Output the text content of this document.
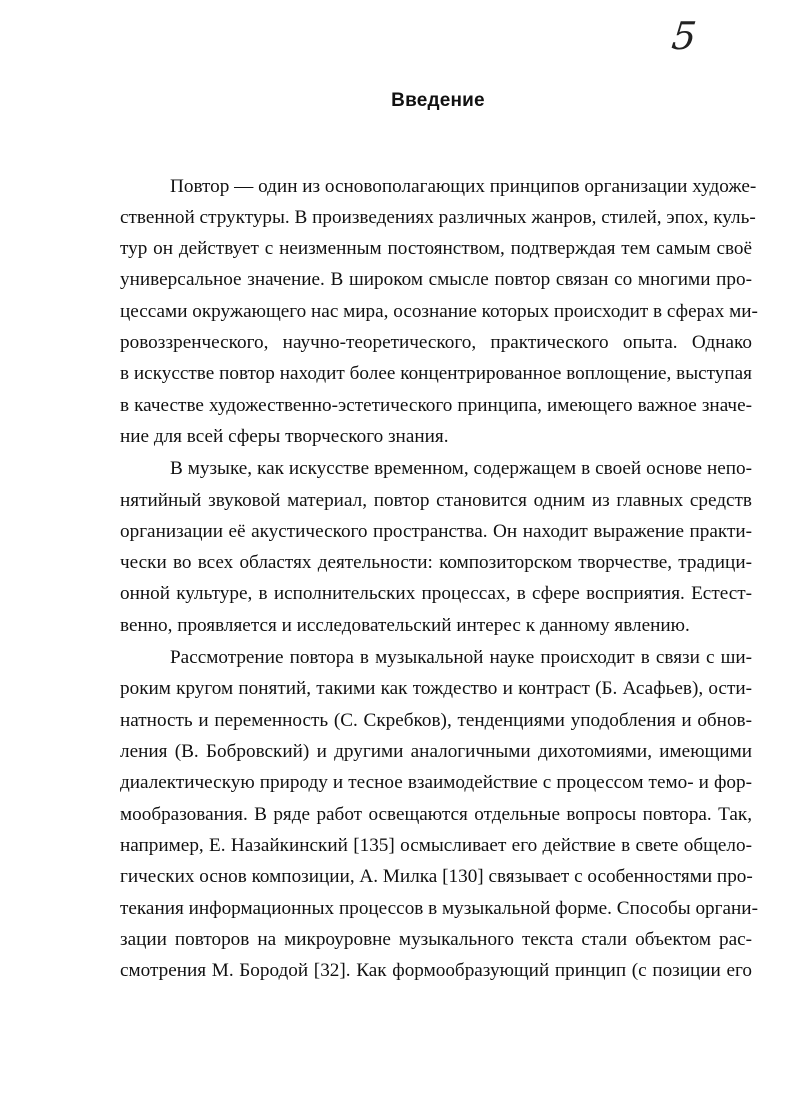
5
Введение
Повтор — один из основополагающих принципов организации художе-
ственной структуры. В произведениях различных жанров, стилей, эпох, куль-
тур он действует с неизменным постоянством, подтверждая тем самым своё
универсальное значение. В широком смысле повтор связан со многими про-
цессами окружающего нас мира, осознание которых происходит в сферах ми-
ровоззренческого, научно-теоретического, практического опыта. Однако
в искусстве повтор находит более концентрированное воплощение, выступая
в качестве художественно-эстетического принципа, имеющего важное значе-
ние для всей сферы творческого знания.
В музыке, как искусстве временном, содержащем в своей основе непо-
нятийный звуковой материал, повтор становится одним из главных средств
организации её акустического пространства. Он находит выражение практи-
чески во всех областях деятельности: композиторском творчестве, традици-
онной культуре, в исполнительских процессах, в сфере восприятия. Естест-
венно, проявляется и исследовательский интерес к данному явлению.
Рассмотрение повтора в музыкальной науке происходит в связи с ши-
роким кругом понятий, такими как тождество и контраст (Б. Асафьев), ости-
натность и переменность (С. Скребков), тенденциями уподобления и обнов-
ления (В. Бобровский) и другими аналогичными дихотомиями, имеющими
диалектическую природу и тесное взаимодействие с процессом темо- и фор-
мообразования. В ряде работ освещаются отдельные вопросы повтора. Так,
например, Е. Назайкинский [135] осмысливает его действие в свете общело-
гических основ композиции, А. Милка [130] связывает с особенностями про-
текания информационных процессов в музыкальной форме. Способы органи-
зации повторов на микроуровне музыкального текста стали объектом рас-
смотрения М. Бородой [32]. Как формообразующий принцип (с позиции его
